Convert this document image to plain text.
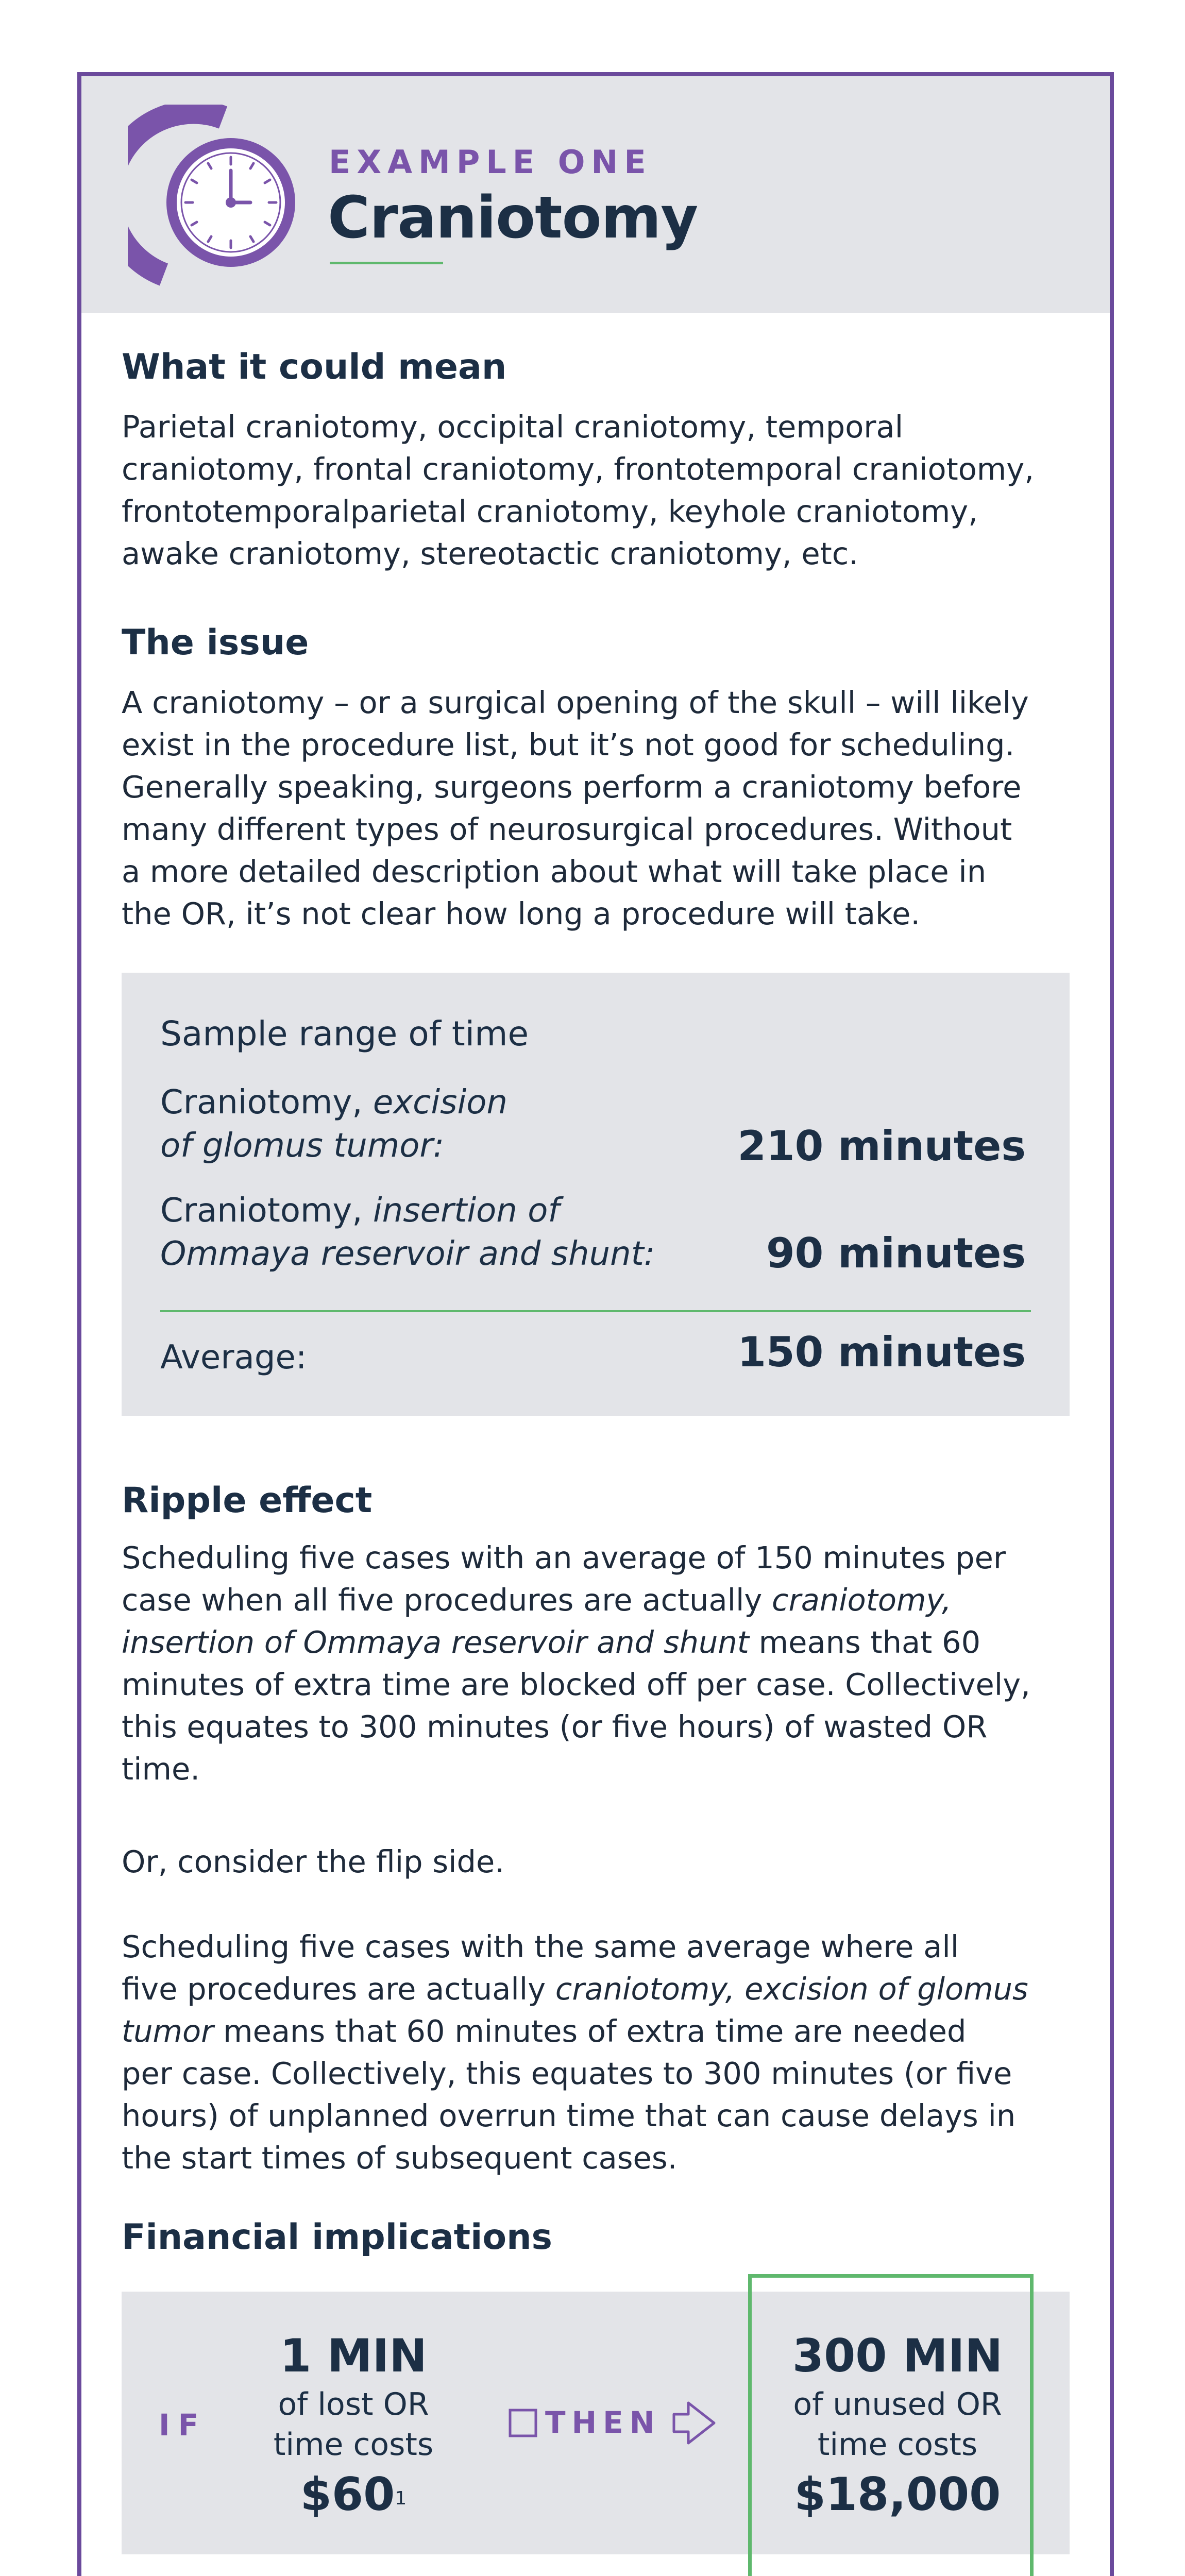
EXAMPLE ONE
Craniotomy
What it could mean
Parietal craniotomy, occipital craniotomy, temporal
craniotomy, frontal craniotomy, frontotemporal craniotomy,
frontotemporalparietal craniotomy, keyhole craniotomy,
awake craniotomy, stereotactic craniotomy, etc.
The issue
A craniotomy – or a surgical opening of the skull – will likely
exist in the procedure list, but it’s not good for scheduling.
Generally speaking, surgeons perform a craniotomy before
many different types of neurosurgical procedures. Without
a more detailed description about what will take place in
the OR, it’s not clear how long a procedure will take.
Sample range of time
Craniotomy, excision
of glomus tumor:	210 minutes
Craniotomy, insertion of
Ommaya reservoir and shunt:	90 minutes
Average:	150 minutes
Ripple effect
Scheduling five cases with an average of 150 minutes per
case when all five procedures are actually craniotomy,
insertion of Ommaya reservoir and shunt means that 60
minutes of extra time are blocked off per case. Collectively,
this equates to 300 minutes (or five hours) of wasted OR
time.
Or, consider the flip side.
Scheduling five cases with the same average where all
five procedures are actually craniotomy, excision of glomus
tumor means that 60 minutes of extra time are needed
per case. Collectively, this equates to 300 minutes (or five
hours) of unplanned overrun time that can cause delays in
the start times of subsequent cases.
Financial implications
IF
1 MIN
of lost OR
time costs
$\$60^1$
THEN
300 MIN
of unused OR
time costs
$18,000
